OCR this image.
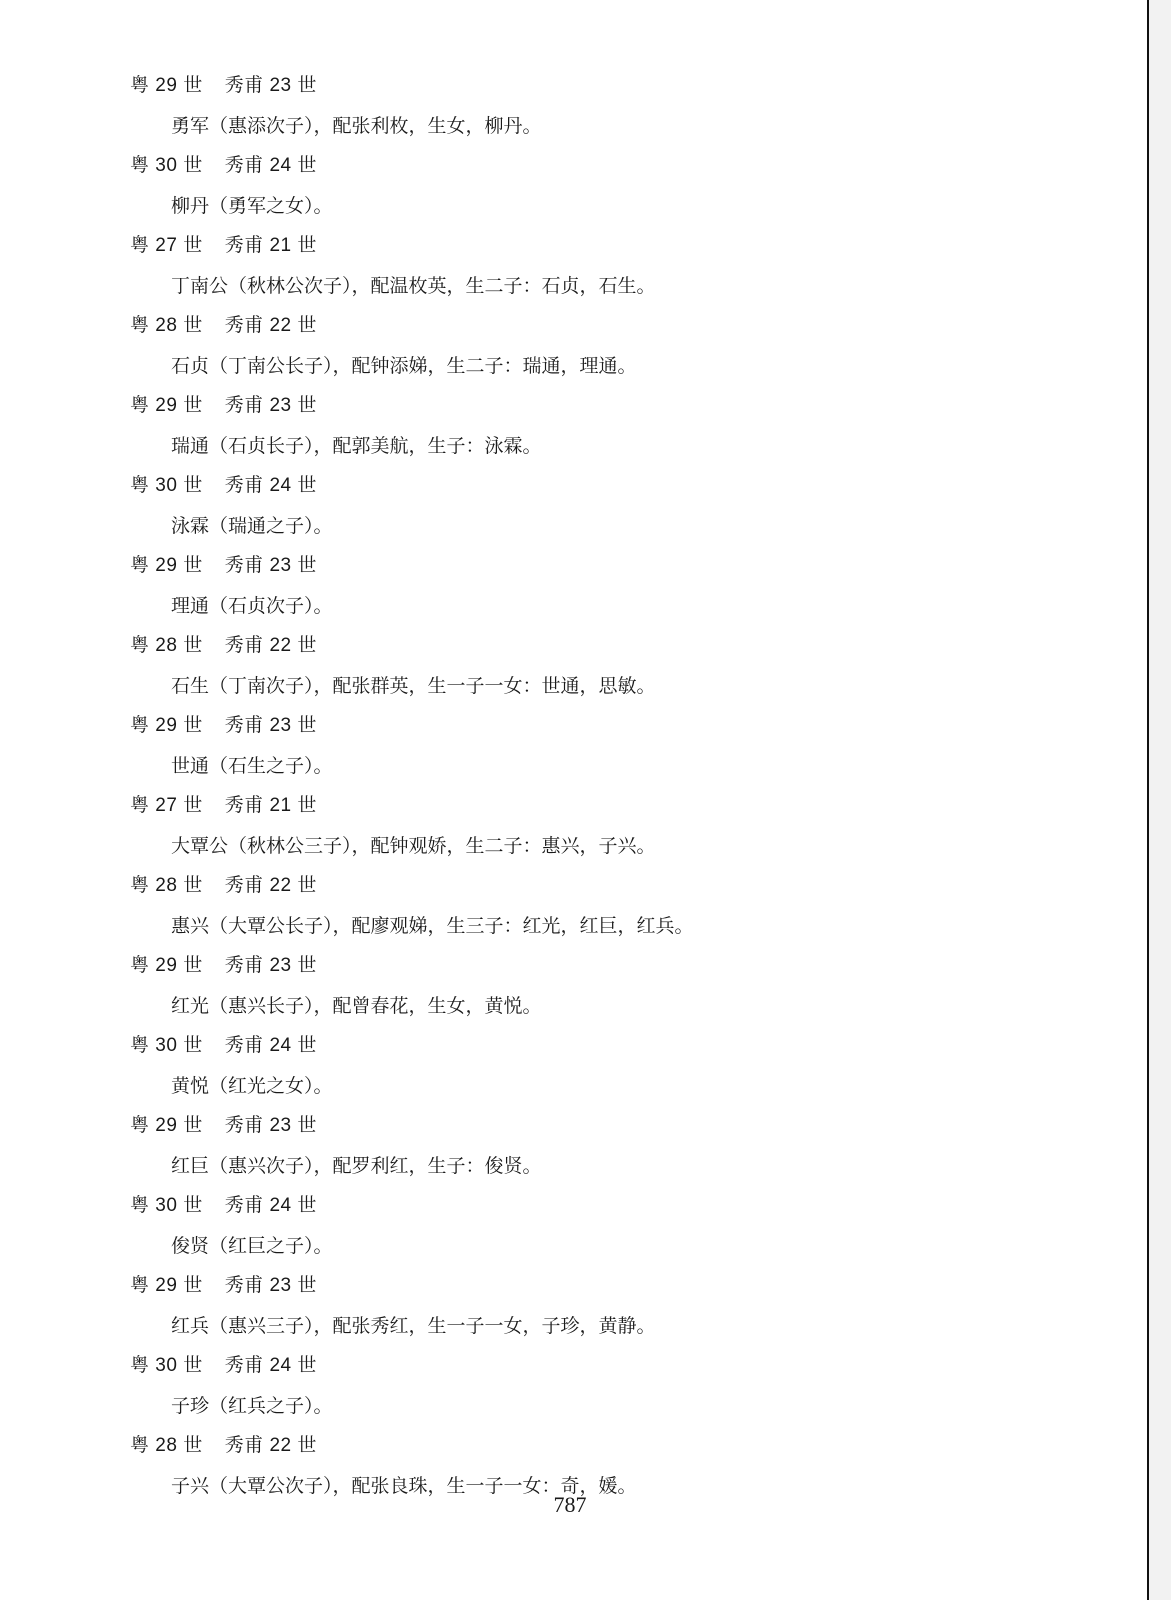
粤 29 世 秀甫 23 世
勇军（惠添次子），配张利枚，生女，柳丹。
粤 30 世 秀甫 24 世
柳丹（勇军之女）。
粤 27 世 秀甫 21 世
丁南公（秋林公次子），配温枚英，生二子：石贞，石生。
粤 28 世 秀甫 22 世
石贞（丁南公长子），配钟添娣，生二子：瑞通，理通。
粤 29 世 秀甫 23 世
瑞通（石贞长子），配郭美航，生子：泳霖。
粤 30 世 秀甫 24 世
泳霖（瑞通之子）。
粤 29 世 秀甫 23 世
理通（石贞次子）。
粤 28 世 秀甫 22 世
石生（丁南次子），配张群英，生一子一女：世通，思敏。
粤 29 世 秀甫 23 世
世通（石生之子）。
粤 27 世 秀甫 21 世
大覃公（秋林公三子），配钟观娇，生二子：惠兴，子兴。
粤 28 世 秀甫 22 世
惠兴（大覃公长子），配廖观娣，生三子：红光，红巨，红兵。
粤 29 世 秀甫 23 世
红光（惠兴长子），配曾春花，生女，黄悦。
粤 30 世 秀甫 24 世
黄悦（红光之女）。
粤 29 世 秀甫 23 世
红巨（惠兴次子），配罗利红，生子：俊贤。
粤 30 世 秀甫 24 世
俊贤（红巨之子）。
粤 29 世 秀甫 23 世
红兵（惠兴三子），配张秀红，生一子一女，子珍，黄静。
粤 30 世 秀甫 24 世
子珍（红兵之子）。
粤 28 世 秀甫 22 世
子兴（大覃公次子），配张良珠，生一子一女：奇，媛。
787
